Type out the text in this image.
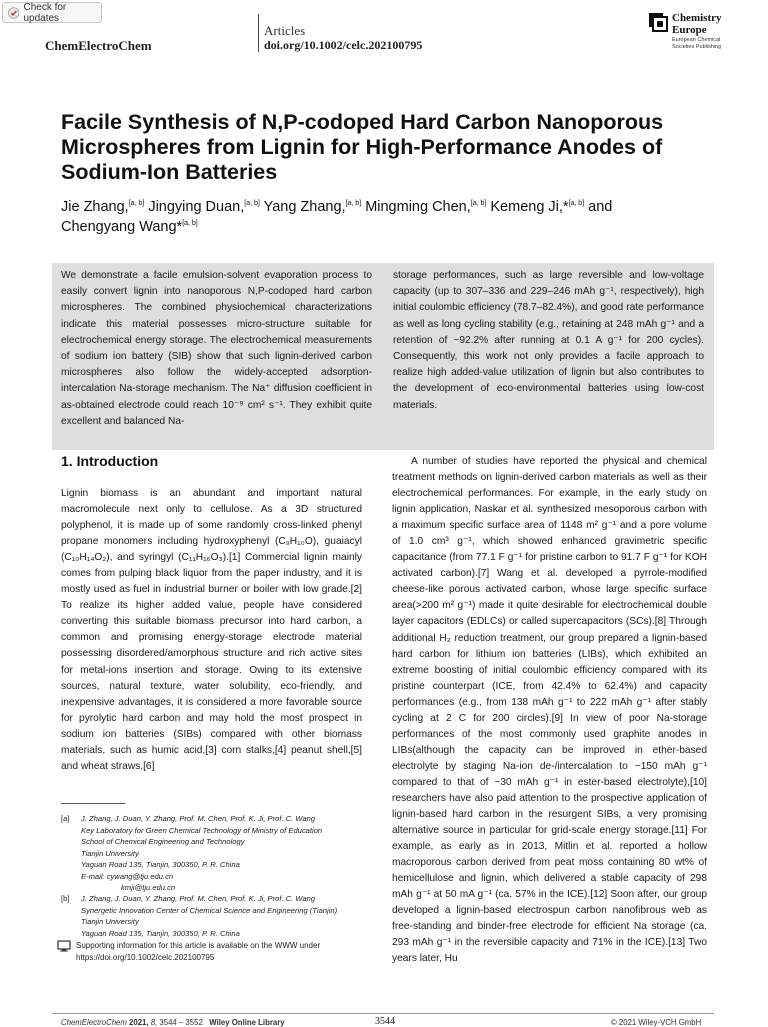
Check for updates
ChemElectroChem
Articles
doi.org/10.1002/celc.202100795
Chemistry
Europe
European Chemical
Societies Publishing
Facile Synthesis of N,P-codoped Hard Carbon Nanoporous Microspheres from Lignin for High-Performance Anodes of Sodium-Ion Batteries
Jie Zhang,[a, b] Jingying Duan,[a, b] Yang Zhang,[a, b] Mingming Chen,[a, b] Kemeng Ji,*[a, b] and
Chengyang Wang*[a, b]
We demonstrate a facile emulsion-solvent evaporation process to easily convert lignin into nanoporous N,P-codoped hard carbon microspheres. The combined physiochemical characterizations indicate this material possesses micro-structure suitable for electrochemical energy storage. The electrochemical measurements of sodium ion battery (SIB) show that such lignin-derived carbon microspheres also follow the widely-accepted adsorption-intercalation Na-storage mechanism. The Na⁺ diffusion coefficient in as-obtained electrode could reach 10⁻⁹ cm² s⁻¹. They exhibit quite excellent and balanced Na-
storage performances, such as large reversible and low-voltage capacity (up to 307–336 and 229–246 mAh g⁻¹, respectively), high initial coulombic efficiency (78.7–82.4%), and good rate performance as well as long cycling stability (e.g., retaining at 248 mAh g⁻¹ and a retention of ~92.2% after running at 0.1 A g⁻¹ for 200 cycles). Consequently, this work not only provides a facile approach to realize high added-value utilization of lignin but also contributes to the development of eco-environmental batteries using low-cost materials.
1. Introduction
Lignin biomass is an abundant and important natural macromolecule next only to cellulose. As a 3D structured polyphenol, it is made up of some randomly cross-linked phenyl propane monomers including hydroxyphenyl (C₉H₁₀O), guaiacyl (C₁₀H₁₄O₂), and syringyl (C₁₁H₁₆O₃).[1] Commercial lignin mainly comes from pulping black liquor from the paper industry, and it is mostly used as fuel in industrial burner or boiler with low grade.[2] To realize its higher added value, people have considered converting this suitable biomass precursor into hard carbon, a common and promising energy-storage electrode material possessing disordered/amorphous structure and rich active sites for metal-ions insertion and storage. Owing to its extensive sources, natural texture, water solubility, eco-friendly, and inexpensive advantages, it is considered a more favorable source for pyrolytic hard carbon and may hold the most prospect in sodium ion batteries (SIBs) compared with other biomass materials, such as humic acid,[3] corn stalks,[4] peanut shell,[5] and wheat straws.[6]
A number of studies have reported the physical and chemical treatment methods on lignin-derived carbon materials as well as their electrochemical performances. For example, in the early study on lignin application, Naskar et al. synthesized mesoporous carbon with a maximum specific surface area of 1148 m² g⁻¹ and a pore volume of 1.0 cm³ g⁻¹, which showed enhanced gravimetric specific capacitance (from 77.1 F g⁻¹ for pristine carbon to 91.7 F g⁻¹ for KOH activated carbon).[7] Wang et al. developed a pyrrole-modified cheese-like porous activated carbon, whose large specific surface area(>200 m² g⁻¹) made it quite desirable for electrochemical double layer capacitors (EDLCs) or called supercapacitors (SCs).[8] Through additional H₂ reduction treatment, our group prepared a lignin-based hard carbon for lithium ion batteries (LIBs), which exhibited an extreme boosting of initial coulombic efficiency compared with its pristine counterpart (ICE, from 42.4% to 62.4%) and capacity performances (e.g., from 138 mAh g⁻¹ to 222 mAh g⁻¹ after stably cycling at 2 C for 200 circles).[9] In view of poor Na-storage performances of the most commonly used graphite anodes in LIBs(although the capacity can be improved in ether-based electrolyte by staging Na-ion de-/intercalation to ~150 mAh g⁻¹ compared to that of ~30 mAh g⁻¹ in ester-based electrolyte),[10] researchers have also paid attention to the prospective application of lignin-based hard carbon in the resurgent SIBs, a very promising alternative source in particular for grid-scale energy storage.[11] For example, as early as in 2013, Mitlin et al. reported a hollow macroporous carbon derived from peat moss containing 80 wt% of hemicellulose and lignin, which delivered a stable capacity of 298 mAh g⁻¹ at 50 mA g⁻¹ (ca. 57% in the ICE).[12] Soon after, our group developed a lignin-based electrospun carbon nanofibrous web as free-standing and binder-free electrode for efficient Na storage (ca. 293 mAh g⁻¹ in the reversible capacity and 71% in the ICE).[13] Two years later, Hu
[a] J. Zhang, J. Duan, Y. Zhang, Prof. M. Chen, Prof. K. Ji, Prof. C. Wang
Key Laboratory for Green Chemical Technology of Ministry of Education
School of Chemical Engineering and Technology
Tianjin University
Yaguan Road 135, Tianjin, 300350, P. R. China
E-mail: cywang@tju.edu.cn
kmji@tju.edu.cn
[b] J. Zhang, J. Duan, Y. Zhang, Prof. M. Chen, Prof. K. Ji, Prof. C. Wang
Synergetic Innovation Center of Chemical Science and Engineering (Tianjin)
Tianjin University
Yaguan Road 135, Tianjin, 300350, P. R. China
Supporting information for this article is available on the WWW under https://doi.org/10.1002/celc.202100795
ChemElectroChem 2021, 8, 3544 – 3552 Wiley Online Library	3544	© 2021 Wiley-VCH GmbH
